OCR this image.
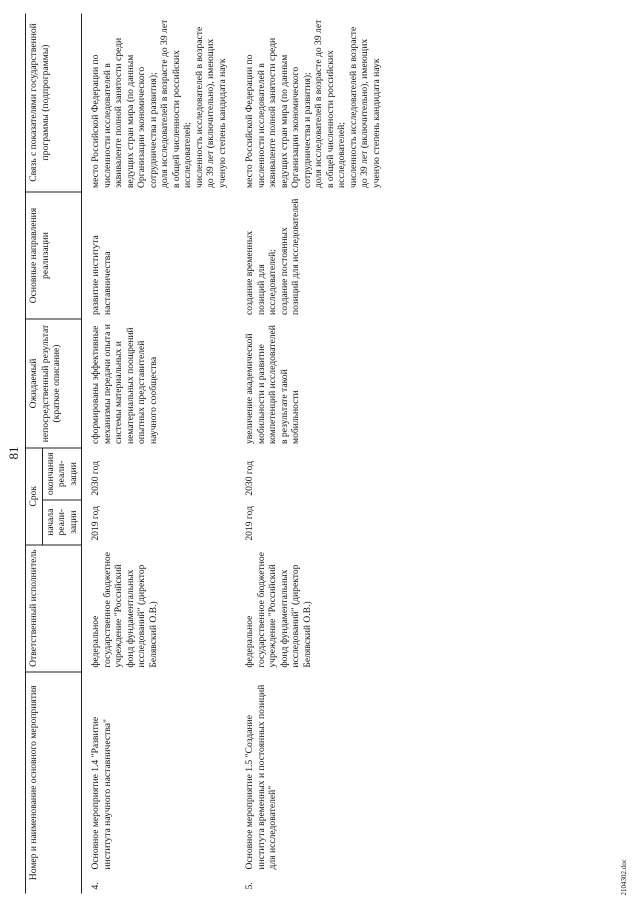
81
Номер и наименование основного мероприятия		Ответственный исполнитель	Срок		Ожидаемый непосредственный результат (краткое описание)	Основные направления реализации	Связь с показателями государственной программы (подпрограммы)
			начала реали-зации	окончания реали-зации			
4.	Основное мероприятие 1.4 "Развитие института научного наставничества"	федеральное государственное бюджетное учреждение "Российский фонд фундаментальных исследований" (директор Белявский О.В.)	2019 год	2030 год	сформированы эффективные механизмы передачи опыта и системы материальных и нематериальных поощрений опытных представителей научного сообщества	развитие института наставничества	место Российской Федерации по численности исследователей в эквиваленте полной занятости среди ведущих стран мира (по данным Организации экономического сотрудничества и развития);
доля исследователей в возрасте до 39 лет в общей численности российских исследователей;
численность исследователей в возрасте до 39 лет (включительно), имеющих ученую степень кандидата наук
5.	Основное мероприятие 1.5 "Создание института временных и постоянных позиций для исследователей"	федеральное государственное бюджетное учреждение "Российский фонд фундаментальных исследований" (директор Белявский О.В.)	2019 год	2030 год	увеличение академической мобильности и развитие компетенций исследователей в результате такой мобильности	создание временных позиций для исследователей;
создание постоянных позиций для исследователей	место Российской Федерации по численности исследователей в эквиваленте полной занятости среди ведущих стран мира (по данным Организации экономического сотрудничества и развития);
доля исследователей в возрасте до 39 лет в общей численности российских исследователей;
численность исследователей в возрасте до 39 лет (включительно), имеющих ученую степень кандидата наук
2104302.doc
